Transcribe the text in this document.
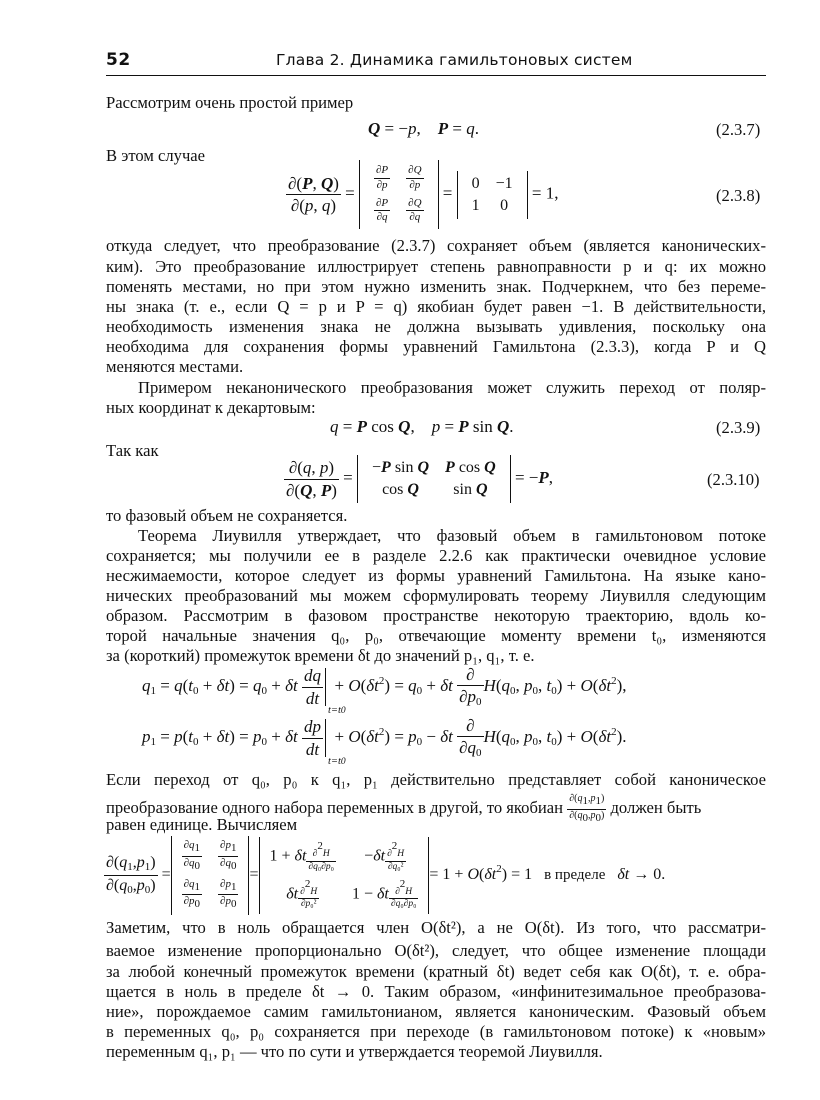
52	Глава 2. Динамика гамильтоновых систем
Рассмотрим очень простой пример
Q = −p,    P = q.	(2.3.7)
В этом случае
$\frac{\partial(P, Q)}{\partial(p, q)}$ =
$\frac{\partial P}{\partial p}$	$\frac{\partial Q}{\partial p}$

$\frac{\partial P}{\partial q}$	$\frac{\partial Q}{\partial q}$
=
0	−1
1	0
= 1,	(2.3.8)
откуда следует, что преобразование (2.3.7) сохраняет объем (является канонических-
ким). Это преобразование иллюстрирует степень равноправности p и q: их можно
поменять местами, но при этом нужно изменить знак. Подчеркнем, что без переме-
ны знака (т. е., если Q = p и P = q) якобиан будет равен −1. В действительности,
необходимость изменения знака не должна вызывать удивления, поскольку она
необходима для сохранения формы уравнений Гамильтона (2.3.3), когда P и Q
меняются местами.
Примером неканонического преобразования может служить переход от поляр-
ных координат к декартовым:
q = P cos Q,    p = P sin Q.	(2.3.9)
Так как
$\frac{\partial(q, p)}{\partial(Q, P)}$ =
−P sin Q	P cos Q
cos Q	sin Q
= −P,	(2.3.10)
то фазовый объем не сохраняется.
Теорема Лиувилля утверждает, что фазовый объем в гамильтоновом потоке
сохраняется; мы получили ее в разделе 2.2.6 как практически очевидное условие
несжимаемости, которое следует из формы уравнений Гамильтона. На языке кано-
нических преобразований мы можем сформулировать теорему Лиувилля следующим
образом. Рассмотрим в фазовом пространстве некоторую траекторию, вдоль ко-
торой начальные значения q₀, p₀, отвечающие моменту времени t₀, изменяются
за (короткий) промежуток времени δt до значений p₁, q₁, т. е.
$q_1 = q(t_0 + \delta t) = q_0 + \delta t \frac{dq}{dt}$
t=t0
+ $O(\delta t^2) = q_0 + \delta t \frac{\partial}{\partial p_0} H(q_0$, $p_0$, $t_0) + O(\delta t^2)$,
$p_1 = p(t_0 + \delta t) = p_0 + \delta t \frac{dp}{dt}$
t=t0
+ $O(\delta t^2) = p_0 - \delta t \frac{\partial}{\partial q_0} H(q_0$, $p_0$, $t_0) + O(\delta t^2)$.
Если переход от q₀, p₀ к q₁, p₁ действительно представляет собой каноническое
преобразование одного набора переменных в другой, то якобиан $\frac{\partial(q1,p1)}{\partial(q0,p0)}$ должен быть
равен единице. Вычисляем
$\frac{\partial(q_1,p_1)}{\partial(q_0,p_0)}$ =
$\frac{\partial q1}{\partial q0}$	$\frac{\partial p1}{\partial q0}$

$\frac{\partial q1}{\partial p0}$	$\frac{\partial p1}{\partial p0}$
=
1 + δt $\frac{\partial 2H}{\text{∂q₀∂p₀}}$	$-\delta t \frac{\partial 2H}{\text{∂q₀²}}$

δt $\frac{\partial 2H}{\text{∂p₀²}}$	1 − δt $\frac{\partial 2H}{\text{∂q₀∂p₀}}$
= $1 + O(\delta t^2) = 1$   в пределе δt → 0.
Заметим, что в ноль обращается член O(δt²), а не O(δt). Из того, что рассматри-
ваемое изменение пропорционально O(δt²), следует, что общее изменение площади
за любой конечный промежуток времени (кратный δt) ведет себя как O(δt), т. е. обра-
щается в ноль в пределе δt → 0. Таким образом, «инфинитезимальное преобразова-
ние», порождаемое самим гамильтонианом, является каноническим. Фазовый объем
в переменных q₀, p₀ сохраняется при переходе (в гамильтоновом потоке) к «новым»
переменным q₁, p₁ — что по сути и утверждается теоремой Лиувилля.
